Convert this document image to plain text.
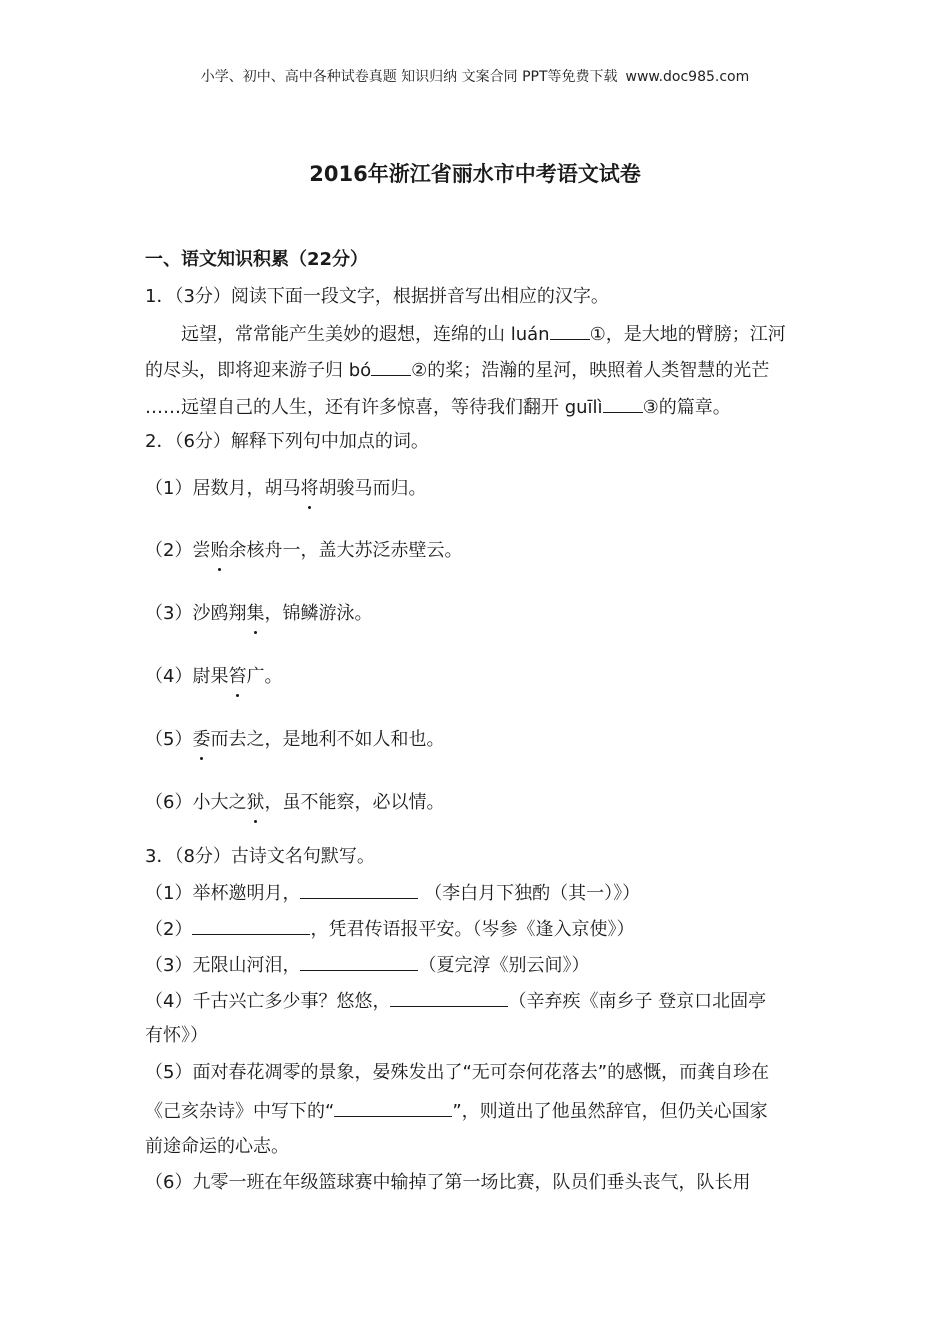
小学、初中、高中各种试卷真题 知识归纳 文案合同 PPT等免费下载 www.doc985.com
2016年浙江省丽水市中考语文试卷
一、语文知识积累（22分）
1．（3分）阅读下面一段文字，根据拼音写出相应的汉字。
　　远望，常常能产生美妙的遐想，连绵的山 luán ①，是大地的臂膀；江河
的尽头，即将迎来游子归 bó ②的桨；浩瀚的星河，映照着人类智慧的光芒
……远望自己的人生，还有许多惊喜，等待我们翻开 guīlì ③的篇章。
2．（6分）解释下列句中加点的词。
（1）居数月，胡马将胡骏马而归。
（2）尝贻余核舟一，盖大苏泛赤壁云。
（3）沙鸥翔集，锦鳞游泳。
（4）尉果笞广。
（5）委而去之，是地利不如人和也。
（6）小大之狱，虽不能察，必以情。
3．（8分）古诗文名句默写。
（1）举杯邀明月，	（李白月下独酌（其一）》）
（2）	，凭君传语报平安。（岑参《逢入京使》）
（3）无限山河泪，	（夏完淳《别云间》）
（4）千古兴亡多少事？悠悠，	（辛弃疾《南乡子 登京口北固亭
有怀》）
（5）面对春花凋零的景象，晏殊发出了“无可奈何花落去”的感慨，而龚自珍在
《己亥杂诗》中写下的“	”，则道出了他虽然辞官，但仍关心国家
前途命运的心志。
（6）九零一班在年级篮球赛中输掉了第一场比赛，队员们垂头丧气，队长用
